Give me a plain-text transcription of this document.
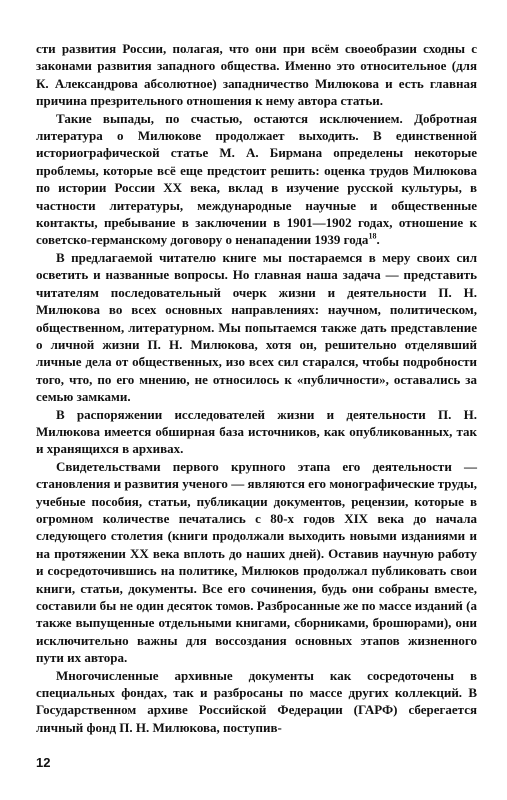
сти развития России, полагая, что они при всём своеобразии сходны с законами развития западного общества. Именно это относительное (для К. Александрова абсолютное) западничество Милюкова и есть главная причина презрительного отношения к нему автора статьи.

Такие выпады, по счастью, остаются исключением. Добротная литература о Милюкове продолжает выходить. В единственной историографической статье М. А. Бирмана определены некоторые проблемы, которые всё еще предстоит решить: оценка трудов Милюкова по истории России XX века, вклад в изучение русской культуры, в частности литературы, международные научные и общественные контакты, пребывание в заключении в 1901—1902 годах, отношение к советско-германскому договору о ненападении 1939 года$^{18}$.

В предлагаемой читателю книге мы постараемся в меру своих сил осветить и названные вопросы. Но главная наша задача — представить читателям последовательный очерк жизни и деятельности П. Н. Милюкова во всех основных направлениях: научном, политическом, общественном, литературном. Мы попытаемся также дать представление о личной жизни П. Н. Милюкова, хотя он, решительно отделявший личные дела от общественных, изо всех сил старался, чтобы подробности того, что, по его мнению, не относилось к «публичности», оставались за семью замками.

В распоряжении исследователей жизни и деятельности П. Н. Милюкова имеется обширная база источников, как опубликованных, так и хранящихся в архивах.

Свидетельствами первого крупного этапа его деятельности — становления и развития ученого — являются его монографические труды, учебные пособия, статьи, публикации документов, рецензии, которые в огромном количестве печатались с 80-х годов XIX века до начала следующего столетия (книги продолжали выходить новыми изданиями и на протяжении XX века вплоть до наших дней). Оставив научную работу и сосредоточившись на политике, Милюков продолжал публиковать свои книги, статьи, документы. Все его сочинения, будь они собраны вместе, составили бы не один десяток томов. Разбросанные же по массе изданий (а также выпущенные отдельными книгами, сборниками, брошюрами), они исключительно важны для воссоздания основных этапов жизненного пути их автора.

Многочисленные архивные документы как сосредоточены в специальных фондах, так и разбросаны по массе других коллекций. В Государственном архиве Российской Федерации (ГАРФ) сберегается личный фонд П. Н. Милюкова, поступив-

12
